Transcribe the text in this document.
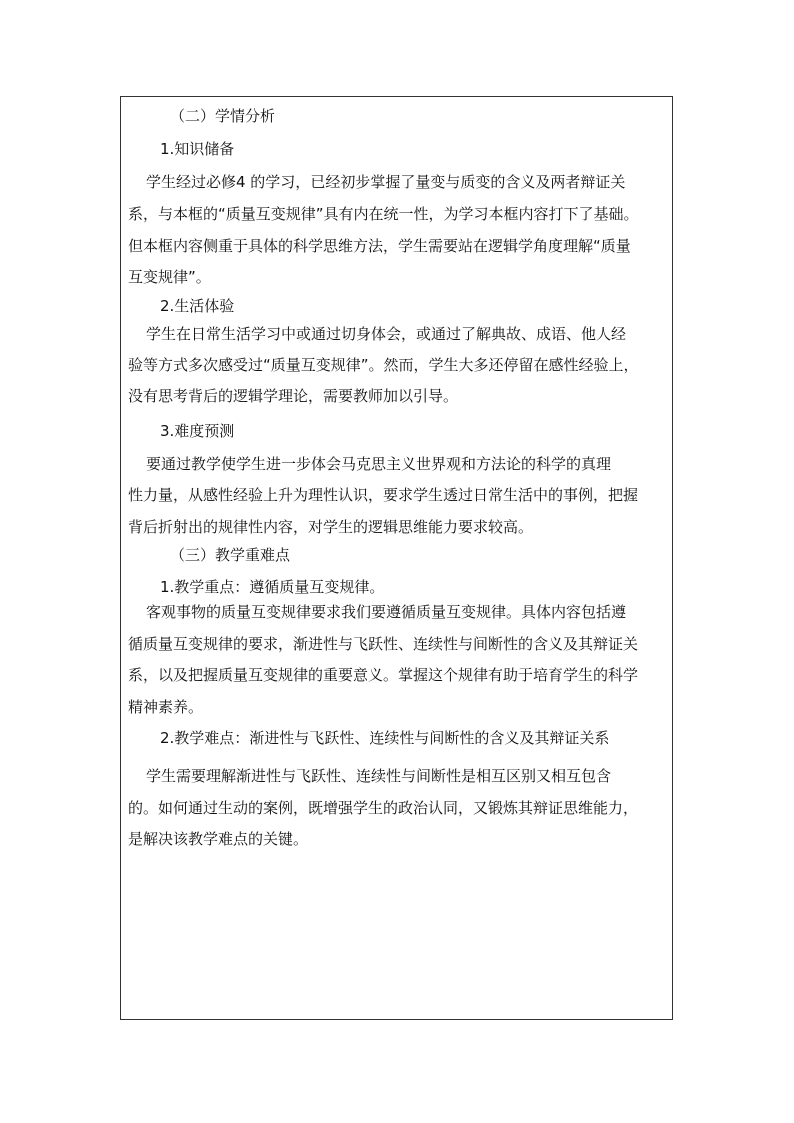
（二）学情分析
1.知识储备
学生经过必修4 的学习，已经初步掌握了量变与质变的含义及两者辩证关
系，与本框的“质量互变规律”具有内在统一性，为学习本框内容打下了基础。
但本框内容侧重于具体的科学思维方法，学生需要站在逻辑学角度理解“质量
互变规律”。
2.生活体验
学生在日常生活学习中或通过切身体会，或通过了解典故、成语、他人经
验等方式多次感受过“质量互变规律”。然而，学生大多还停留在感性经验上，
没有思考背后的逻辑学理论，需要教师加以引导。
3.难度预测
要通过教学使学生进一步体会马克思主义世界观和方法论的科学的真理
性力量，从感性经验上升为理性认识，要求学生透过日常生活中的事例，把握
背后折射出的规律性内容，对学生的逻辑思维能力要求较高。
（三）教学重难点
1.教学重点：遵循质量互变规律。
客观事物的质量互变规律要求我们要遵循质量互变规律。具体内容包括遵
循质量互变规律的要求，渐进性与飞跃性、连续性与间断性的含义及其辩证关
系，以及把握质量互变规律的重要意义。掌握这个规律有助于培育学生的科学
精神素养。
2.教学难点：渐进性与飞跃性、连续性与间断性的含义及其辩证关系
学生需要理解渐进性与飞跃性、连续性与间断性是相互区别又相互包含
的。如何通过生动的案例，既增强学生的政治认同，又锻炼其辩证思维能力，
是解决该教学难点的关键。
